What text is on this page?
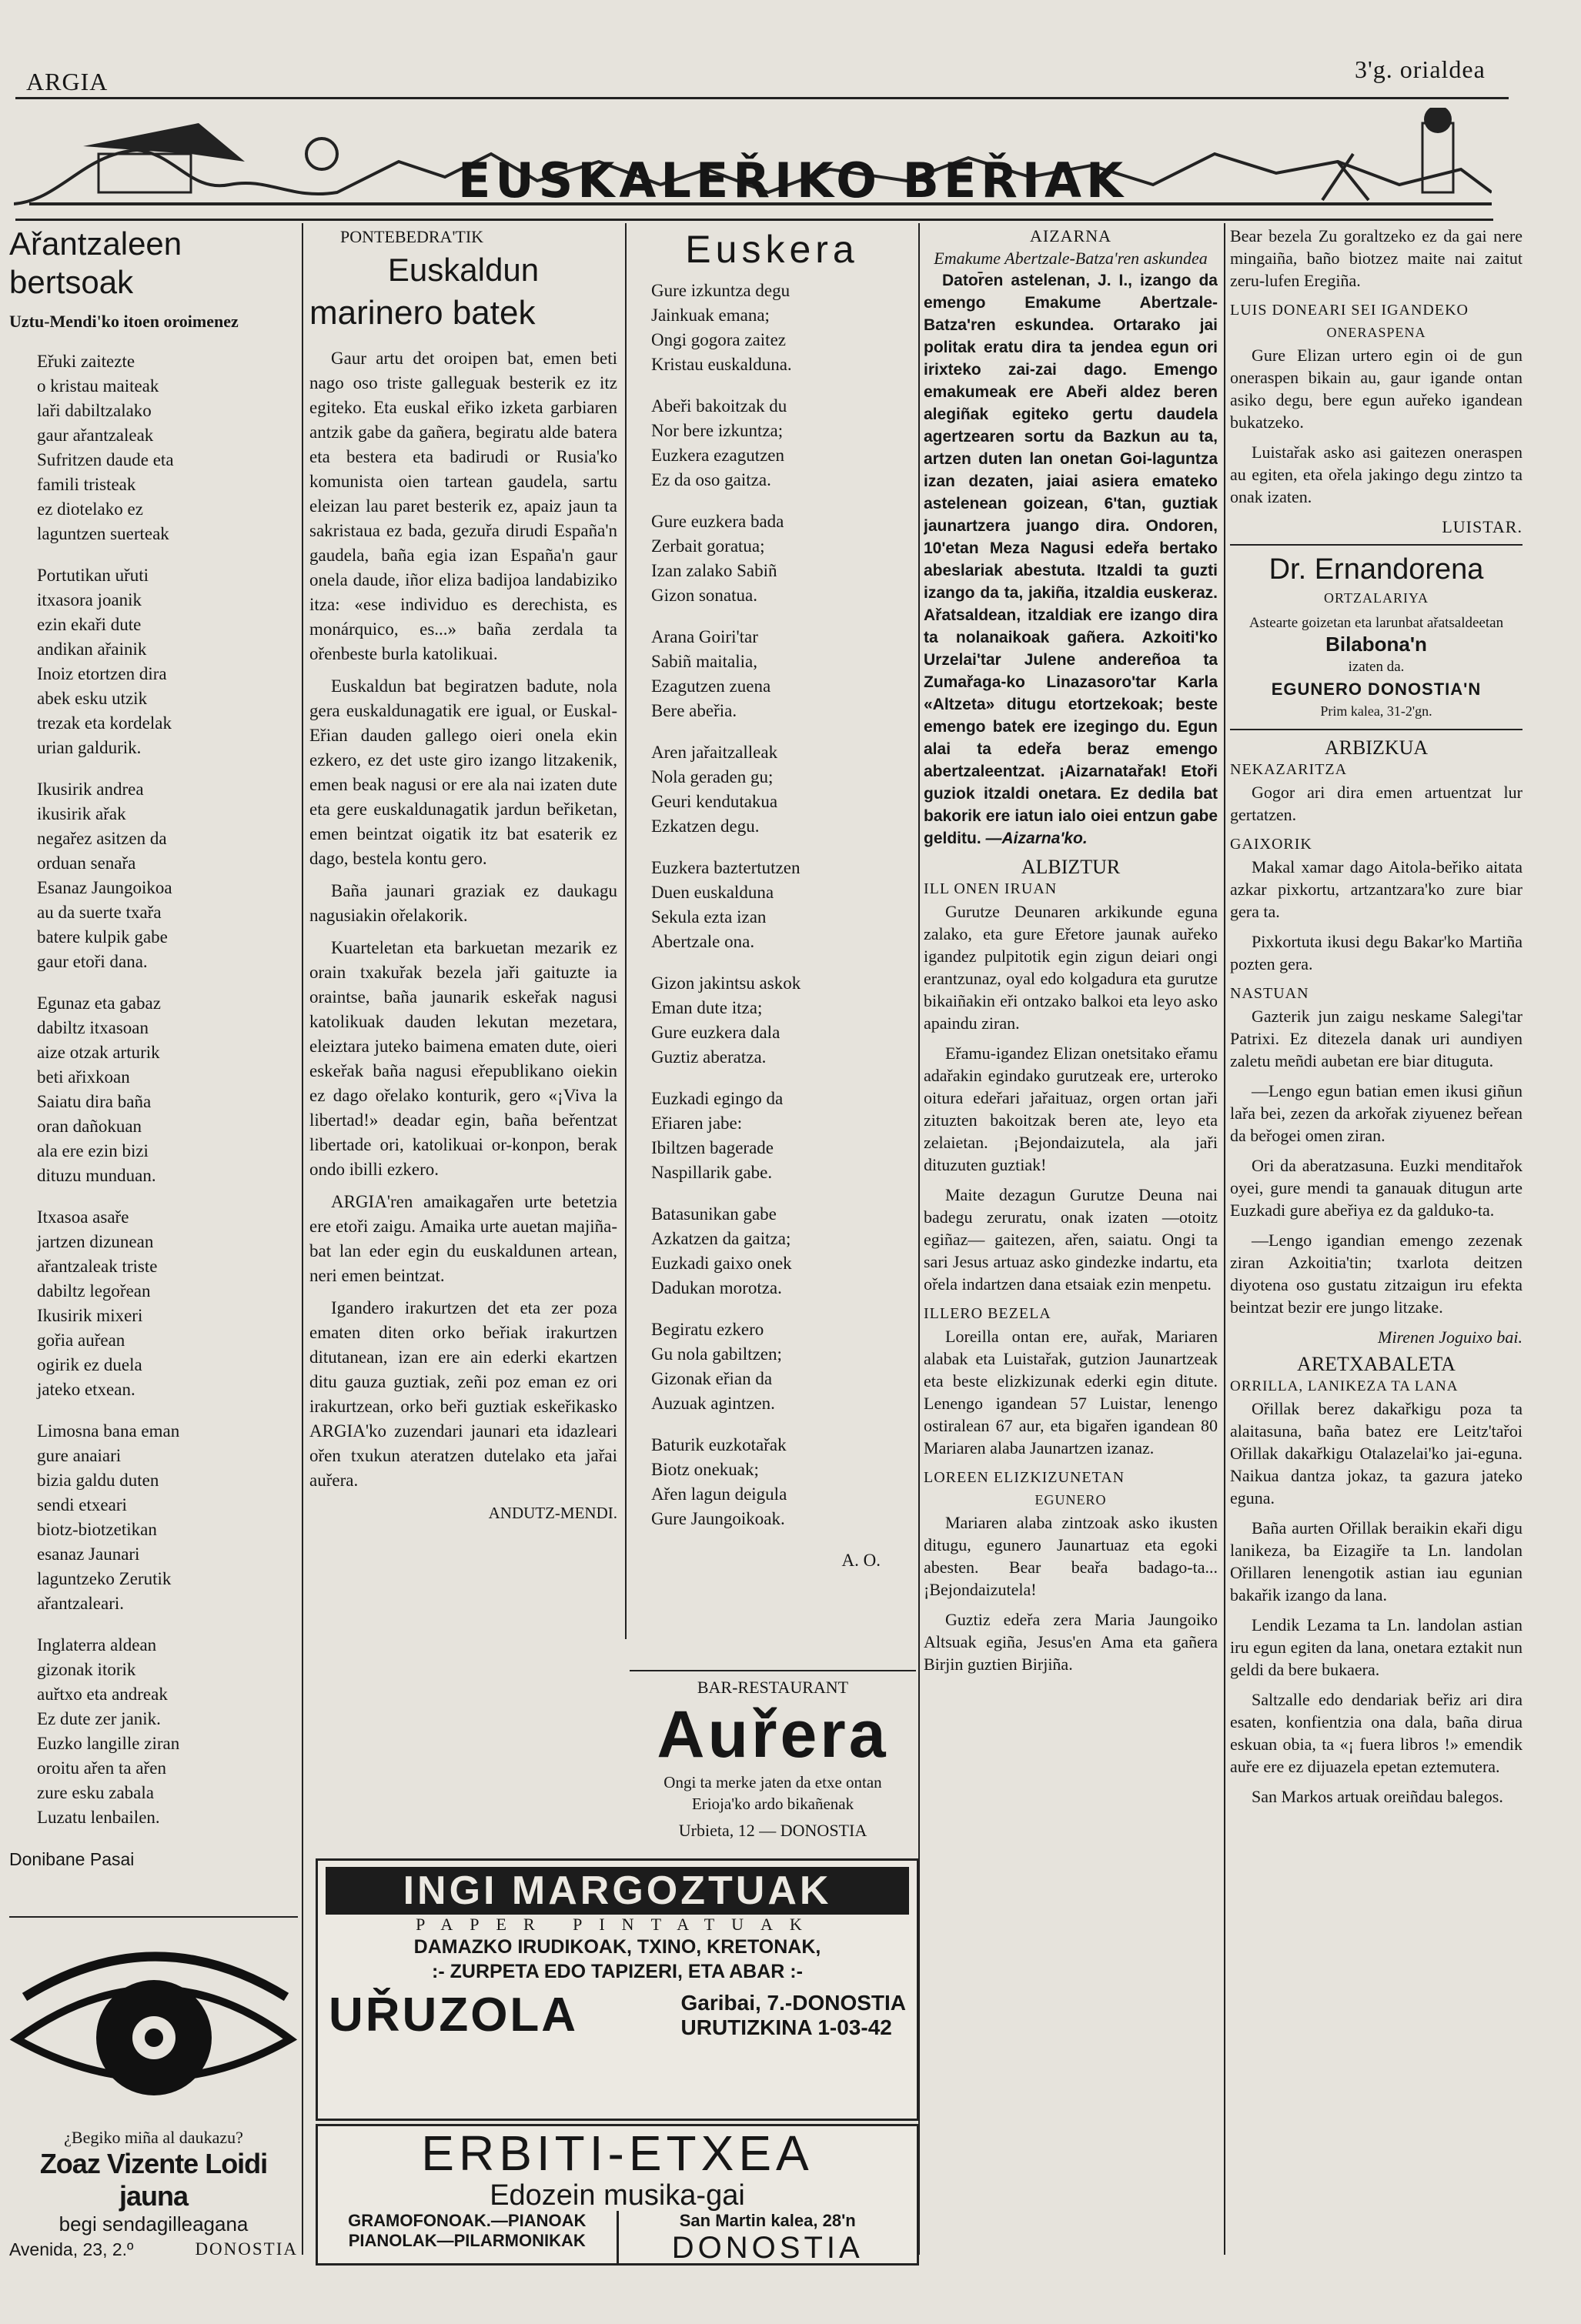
ARGIA	3'g. orialdea
EUSKALEŘIKO BEŘIAK
Ařantzaleen bertsoak
Uztu-Mendi'ko itoen oroimenez

Eřuki zaitezte
o kristau maiteak
laři dabiltzalako
gaur ařantzaleak
Sufritzen daude eta
famili tristeak
ez diotelako ez
laguntzen suerteak

Portutikan uřuti
itxasora joanik
ezin ekaři dute
andikan ařainik
Inoiz etortzen dira
abek esku utzik
trezak eta kordelak
urian galdurik.

Ikusirik andrea
ikusirik ařak
negařez asitzen da
orduan senařa
Esanaz Jaungoikoa
au da suerte txařa
batere kulpik gabe
gaur etoři dana.

Egunaz eta gabaz
dabiltz itxasoan
aize otzak arturik
beti ařixkoan
Saiatu dira baña
oran dañokuan
ala ere ezin bizi
dituzu munduan.

Itxasoa asaře
jartzen dizunean
ařantzaleak triste
dabiltz legořean
Ikusirik mixeri
gořia auřean
ogirik ez duela
jateko etxean.

Limosna bana eman
gure anaiari
bizia galdu duten
sendi etxeari
biotz-biotzetikan
esanaz Jaunari
laguntzeko Zerutik
ařantzaleari.

Inglaterra aldean
gizonak itorik
auřtxo eta andreak
Ez dute zer janik.
Euzko langille ziran
oroitu ařen ta ařen
zure esku zabala
Luzatu lenbailen.

Donibane Pasai
PONTEBEDRA'TIK
Euskaldun
marinero batek

Gaur artu det oroipen bat, emen beti nago oso triste galleguak besterik ez itz egiteko. Eta euskal eřiko izketa garbiaren antzik gabe da gañera, begiratu alde batera eta bestera eta badirudi or Rusia'ko komunista oien tartean gaudela, sartu eleizan lau paret besterik ez, apaiz jaun ta sakristaua ez bada, gezuřa dirudi España'n gaudela, baña egia izan España'n gaur onela daude, iñor eliza badijoa landabiziko itza: «ese individuo es derechista, es monárquico, es...» baña zerdala ta ořenbeste burla katolikuai.

Euskaldun bat begiratzen badute, nola gera euskaldunagatik ere igual, or Euskal-Eřian dauden gallego oieri onela ekin ezkero, ez det uste giro izango litzakenik, emen beak nagusi or ere ala nai izaten dute eta gere euskaldunagatik jardun beřiketan, emen beintzat oigatik itz bat esaterik ez dago, bestela kontu gero.

Baña jaunari graziak ez daukagu nagusiakin ořelakorik.

Kuarteletan eta barkuetan mezarik ez orain txakuřak bezela jaři gaituzte ia oraintse, baña jaunarik eskeřak nagusi katolikuak dauden lekutan mezetara, eleiztara juteko baimena ematen dute, oieri eskeřak baña nagusi eřepublikano oiekin ez dago ořelako konturik, gero «¡Viva la libertad!» deadar egin, baña beřentzat libertade ori, katolikuai or-konpon, berak ondo ibilli ezkero.

ARGIA'ren amaikagařen urte betetzia ere etoři zaigu. Amaika urte auetan majiña-bat lan eder egin du euskaldunen artean, neri emen beintzat.

Igandero irakurtzen det eta zer poza ematen diten orko beřiak irakurtzen ditutanean, izan ere ain ederki ekartzen ditu gauza guztiak, zeñi poz eman ez ori irakurtzean, orko beři guztiak eskeřikasko ARGIA'ko zuzendari jaunari eta idazleari ořen txukun ateratzen dutelako eta jařai auřera.

ANDUTZ-MENDI.
Euskera

Gure izkuntza degu
Jainkuak emana;
Ongi gogora zaitez
Kristau euskalduna.

Abeři bakoitzak du
Nor bere izkuntza;
Euzkera ezagutzen
Ez da oso gaitza.

Gure euzkera bada
Zerbait goratua;
Izan zalako Sabiñ
Gizon sonatua.

Arana Goiri'tar
Sabiñ maitalia,
Ezagutzen zuena
Bere abeřia.

Aren jařaitzalleak
Nola geraden gu;
Geuri kendutakua
Ezkatzen degu.

Euzkera baztertutzen
Duen euskalduna
Sekula ezta izan
Abertzale ona.

Gizon jakintsu askok
Eman dute itza;
Gure euzkera dala
Guztiz aberatza.

Euzkadi egingo da
Eřiaren jabe:
Ibiltzen bagerade
Naspillarik gabe.

Batasunikan gabe
Azkatzen da gaitza;
Euzkadi gaixo onek
Dadukan morotza.

Begiratu ezkero
Gu nola gabiltzen;
Gizonak eřian da
Auzuak agintzen.

Baturik euzkotařak
Biotz onekuak;
Ařen lagun deigula
Gure Jaungoikoak.

A. O.
BAR-RESTAURANT
Auřera
Ongi ta merke jaten da etxe ontan Erioja'ko ardo bikañenak
Urbieta, 12 — DONOSTIA
AIZARNA
Emakume Abertzale-Batza'ren askundea
Dator̄en astelenan, J. I., izango da emengo Emakume Abertzale-Batza'ren eskundea. Ortarako jai politak eratu dira ta jendea egun ori irixteko zai-zai dago. Emengo emakumeak ere Abeři aldez beren alegiñak egiteko gertu daudela agertzearen sortu da Bazkun au ta, artzen duten lan onetan Goi-laguntza izan dezaten, jaiai asiera emateko astelenean goizean, 6'tan, guztiak jaunartzera juango dira. Ondoren, 10'etan Meza Nagusi edeřa bertako abeslariak abestuta. Itzaldi ta guzti izango da ta, jakiña, itzaldia euskeraz. Ařatsaldean, itzaldiak ere izango dira ta nolanaikoak gañera. Azkoiti'ko Urzelai'tar Julene andereñoa ta Zumařaga-ko Linazasoro'tar Karla «Altzeta» ditugu etortzekoak; beste emengo batek ere izegingo du. Egun alai ta edeřa beraz emengo abertzaleentzat. ¡Aizarnatařak! Etoři guziok itzaldi onetara. Ez dedila bat bakorik ere iatun ialo oiei entzun gabe gelditu. —Aizarna'ko.
ALBIZTUR
ILL ONEN IRUAN

Gurutze Deunaren arkikunde eguna zalako, eta gure Eřetore jaunak auřeko igandez pulpitotik egin zigun deiari ongi erantzunaz, oyal edo kolgadura eta gurutze bikaiñakin eři ontzako balkoi eta leyo asko apaindu ziran.

Eřamu-igandez Elizan onetsitako eřamu adařakin egindako gurutzeak ere, urteroko oitura edeřari jařaituaz, orgen ortan jaři zituzten bakoitzak beren ate, leyo eta zelaietan. ¡Bejondaizutela, ala jaři dituzuten guztiak!

Maite dezagun Gurutze Deuna nai badegu zeruratu, onak izaten —otoitz egiñaz— gaitezen, ařen, saiatu. Ongi ta sari Jesus artuaz asko gindezke indartu, eta ořela indartzen dana etsaiak ezin menpetu.

ILLERO BEZELA

Loreilla ontan ere, auřak, Mariaren alabak eta Luistařak, gutzion Jaunartzeak eta beste elizkizunak ederki egin ditute. Lenengo igandean 57 Luistar, lenengo ostiralean 67 aur, eta bigařen igandean 80 Mariaren alaba Jaunartzen izanaz.

LOREEN ELIZKIZUNETAN
EGUNERO

Mariaren alaba zintzoak asko ikusten ditugu, egunero Jaunartuaz eta egoki abesten. Bear beařa badago-ta... ¡Bejondaizutela!

Guztiz edeřa zera Maria Jaungoiko Altsuak egiña, Jesus'en Ama eta gañera Birjin guztien Birjiña.

Bear bezela Zu goraltzeko ez da gai nere mingaiña, baño biotzez maite nai zaitut zeru-lufen Eregiña.

LUIS DONEARI SEI IGANDEKO
ONERASPENA

Gure Elizan urtero egin oi de gun oneraspen bikain au, gaur igande ontan asiko degu, bere egun auřeko igandean bukatzeko.

Luistařak asko asi gaitezen oneraspen au egiten, eta ořela jakingo degu zintzo ta onak izaten.

LUISTAR.
Dr. Ernandorena
ORTZALARIYA
Astearte goizetan eta larunbat ařatsaldeetan
Bilabona'n
izaten da.
EGUNERO DONOSTIA'N
Prim kalea, 31-2'gn.
ARBIZKUA
NEKAZARITZA

Gogor ari dira emen artuentzat lur gertatzen.

GAIXORIK

Makal xamar dago Aitola-beřiko aitata azkar pixkortu, artzantzara'ko zure biar gera ta.

Pixkortuta ikusi degu Bakar'ko Martiña pozten gera.

NASTUAN

Gazterik jun zaigu neskame Salegi'tar Patrixi. Ez ditezela danak uri aundiyen zaletu meñdi aubetan ere biar dituguta.

—Lengo egun batian emen ikusi giñun lařa bei, zezen da arkořak ziyuenez beřean da beřogei omen ziran.

Ori da aberatzasuna. Euzki menditařok oyei, gure mendi ta ganauak ditugun arte Euzkadi gure abeřiya ez da galduko-ta.

—Lengo igandian emengo zezenak ziran Azkoitia'tin; txarlota deitzen diyotena oso gustatu zitzaigun iru efekta beintzat bezir ere jungo litzake.

Mirenen Joguixo bai.
ARETXABALETA
ORRILLA, LANIKEZA TA LANA

Ořillak berez dakařkigu poza ta alaitasuna, baña batez ere Leitz'tařoi Ořillak dakařkigu Otalazelai'ko jai-eguna. Naikua dantza jokaz, ta gazura jateko eguna.

Baña aurten Ořillak beraikin ekaři digu lanikeza, ba Eizagiře ta Ln. landolan Ořillaren lenengotik astian iau egunian bakařik izango da lana.

Lendik Lezama ta Ln. landolan astian iru egun egiten da lana, onetara eztakit nun geldi da bere bukaera.

Saltzalle edo dendariak beřiz ari dira esaten, konfientzia ona dala, baña dirua eskuan obia, ta «¡ fuera libros !» emendik auře ere ez dijuazela epetan eztemutera.

San Markos artuak oreiñdau balegos.

¿Begiko miña al daukazu?
Zoaz Vizente Loidi jauna
begi sendagilleagana
Avenida, 23, 2.º	DONOSTIA
INGI MARGOZTUAK
PAPER PINTATUAK
DAMAZKO IRUDIKOAK, TXINO, KRETONAK,
:- ZURPETA EDO TAPIZERI, ETA ABAR :-
UŘUZOLA	Garibai, 7.-DONOSTIA
URUTIZKINA 1-03-42
ERBITI-ETXEA
Edozein musika-gai
GRAMOFONOAK.—PIANOAK
PIANOLAK—PILARMONIKAK
San Martin kalea, 28'n
DONOSTIA
